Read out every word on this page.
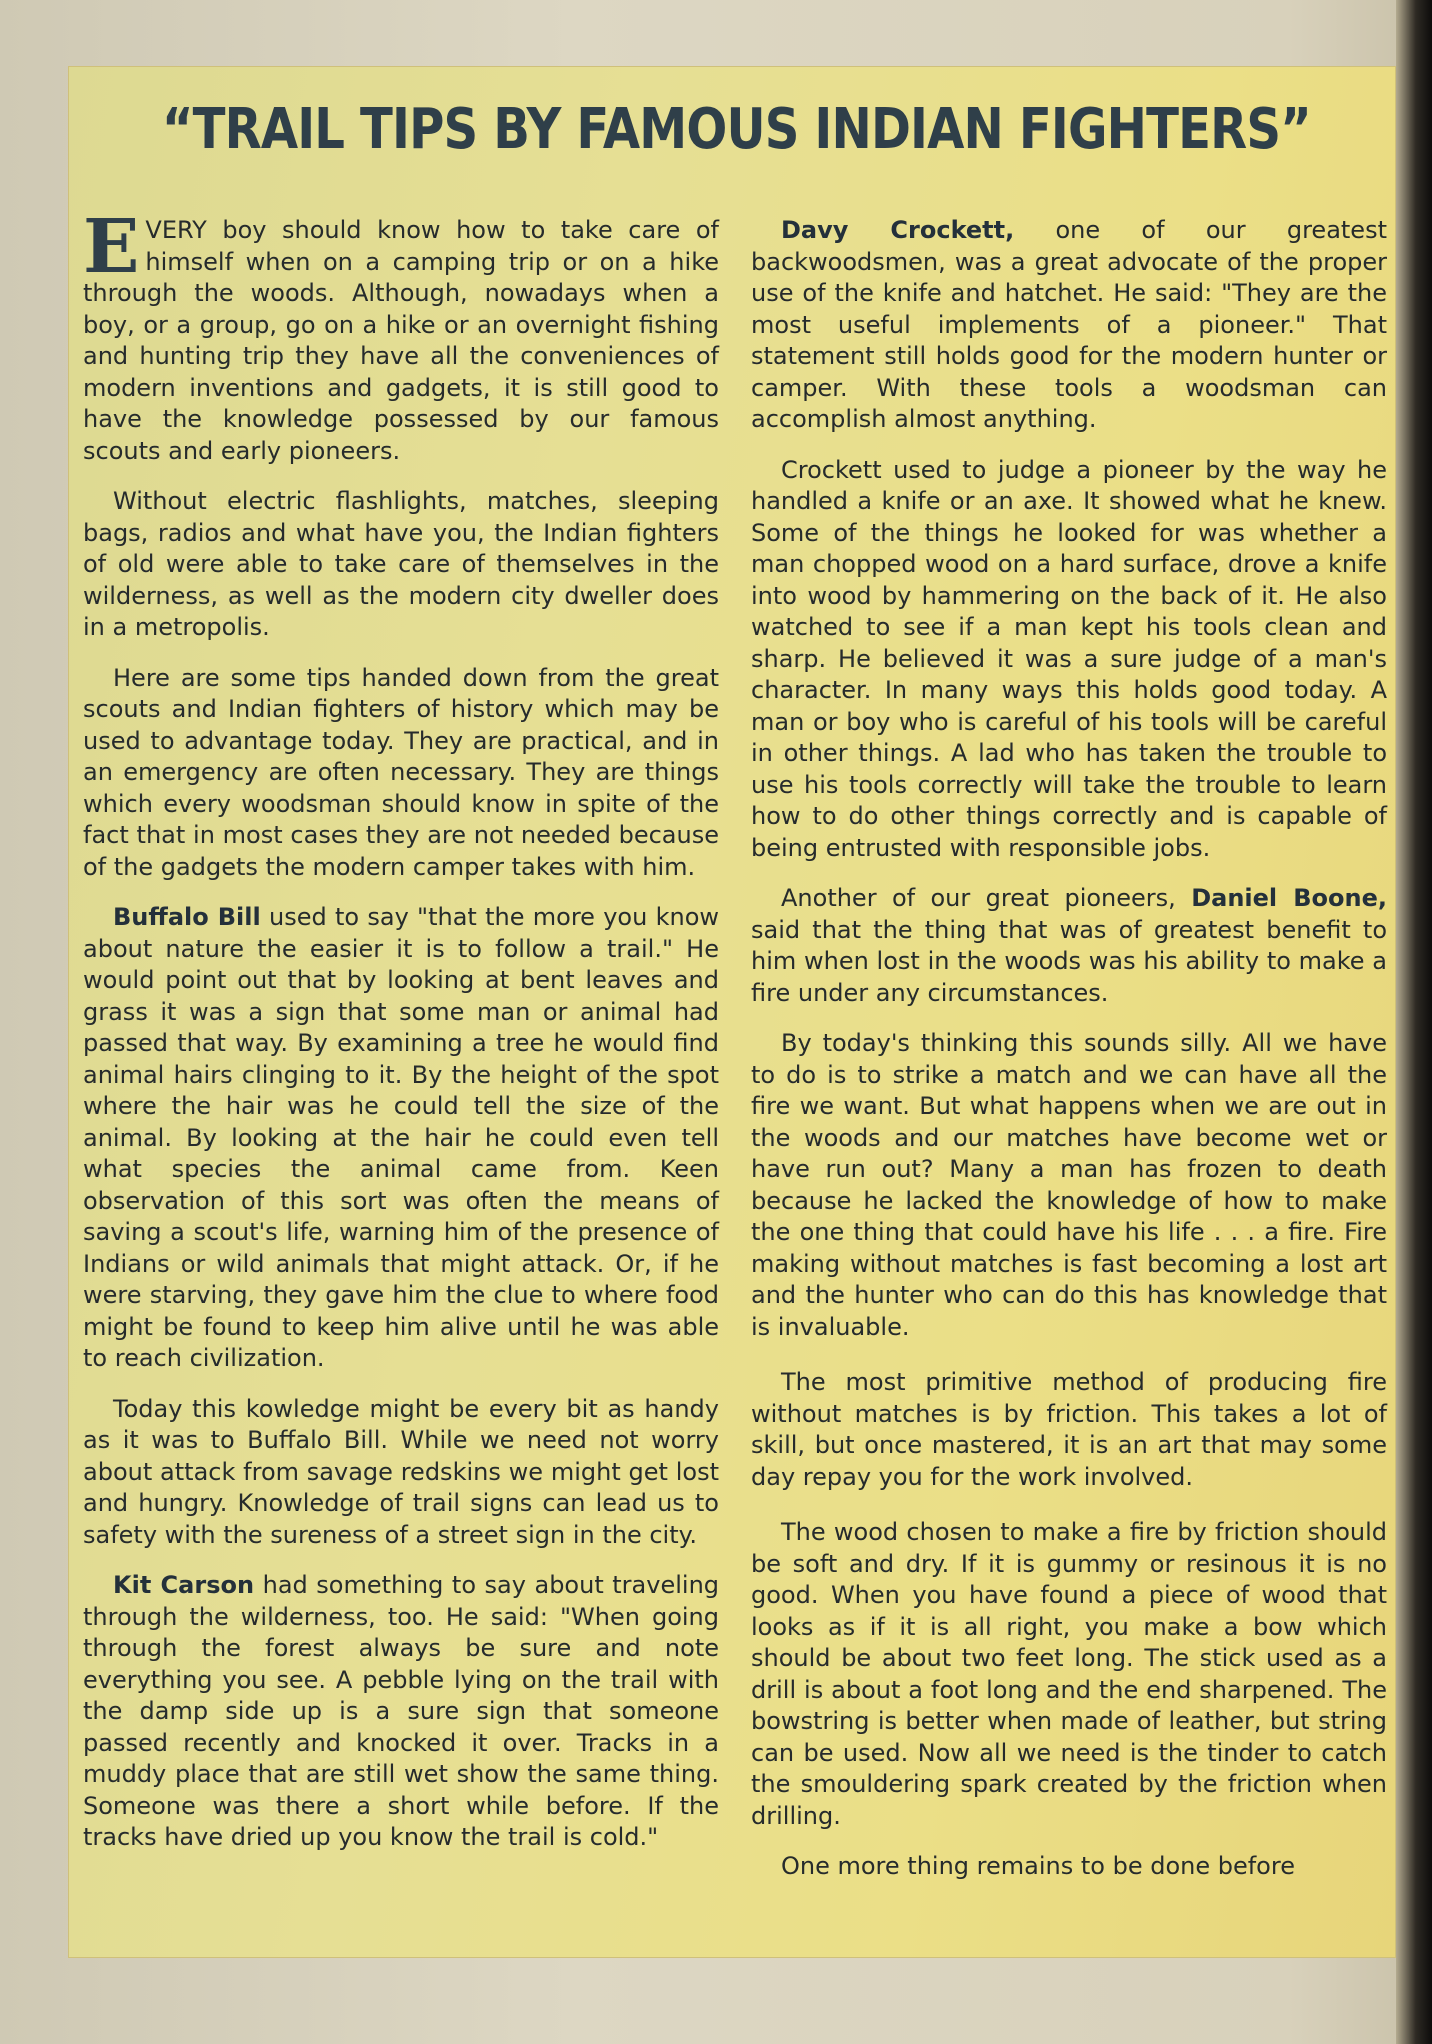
“TRAIL TIPS BY FAMOUS INDIAN FIGHTERS”

EVERY boy should know how to take care of himself when on a camping trip or on a hike through the woods. Although, nowadays when a boy, or a group, go on a hike or an overnight fishing and hunting trip they have all the conveniences of modern inventions and gadgets, it is still good to have the knowledge possessed by our famous scouts and early pioneers.

Without electric flashlights, matches, sleeping bags, radios and what have you, the Indian fighters of old were able to take care of themselves in the wilderness, as well as the modern city dweller does in a metropolis.

Here are some tips handed down from the great scouts and Indian fighters of history which may be used to advantage today. They are practical, and in an emergency are often necessary. They are things which every woodsman should know in spite of the fact that in most cases they are not needed because of the gadgets the modern camper takes with him.

Buffalo Bill used to say "that the more you know about nature the easier it is to follow a trail." He would point out that by looking at bent leaves and grass it was a sign that some man or animal had passed that way. By examining a tree he would find animal hairs clinging to it. By the height of the spot where the hair was he could tell the size of the animal. By looking at the hair he could even tell what species the animal came from. Keen observation of this sort was often the means of saving a scout's life, warning him of the presence of Indians or wild animals that might attack. Or, if he were starving, they gave him the clue to where food might be found to keep him alive until he was able to reach civilization.

Today this kowledge might be every bit as handy as it was to Buffalo Bill. While we need not worry about attack from savage redskins we might get lost and hungry. Knowledge of trail signs can lead us to safety with the sureness of a street sign in the city.

Kit Carson had something to say about traveling through the wilderness, too. He said: "When going through the forest always be sure and note everything you see. A pebble lying on the trail with the damp side up is a sure sign that someone passed recently and knocked it over. Tracks in a muddy place that are still wet show the same thing. Someone was there a short while before. If the tracks have dried up you know the trail is cold."

Davy Crockett, one of our greatest backwoodsmen, was a great advocate of the proper use of the knife and hatchet. He said: "They are the most useful implements of a pioneer." That statement still holds good for the modern hunter or camper. With these tools a woodsman can accomplish almost anything.

Crockett used to judge a pioneer by the way he handled a knife or an axe. It showed what he knew. Some of the things he looked for was whether a man chopped wood on a hard surface, drove a knife into wood by hammering on the back of it. He also watched to see if a man kept his tools clean and sharp. He believed it was a sure judge of a man's character. In many ways this holds good today. A man or boy who is careful of his tools will be careful in other things. A lad who has taken the trouble to use his tools correctly will take the trouble to learn how to do other things correctly and is capable of being entrusted with responsible jobs.

Another of our great pioneers, Daniel Boone, said that the thing that was of greatest benefit to him when lost in the woods was his ability to make a fire under any circumstances.

By today's thinking this sounds silly. All we have to do is to strike a match and we can have all the fire we want. But what happens when we are out in the woods and our matches have become wet or have run out? Many a man has frozen to death because he lacked the knowledge of how to make the one thing that could have his life . . . a fire. Fire making without matches is fast becoming a lost art and the hunter who can do this has knowledge that is invaluable.

The most primitive method of producing fire without matches is by friction. This takes a lot of skill, but once mastered, it is an art that may some day repay you for the work involved.

The wood chosen to make a fire by friction should be soft and dry. If it is gummy or resinous it is no good. When you have found a piece of wood that looks as if it is all right, you make a bow which should be about two feet long. The stick used as a drill is about a foot long and the end sharpened. The bowstring is better when made of leather, but string can be used. Now all we need is the tinder to catch the smouldering spark created by the friction when drilling.

One more thing remains to be done before
